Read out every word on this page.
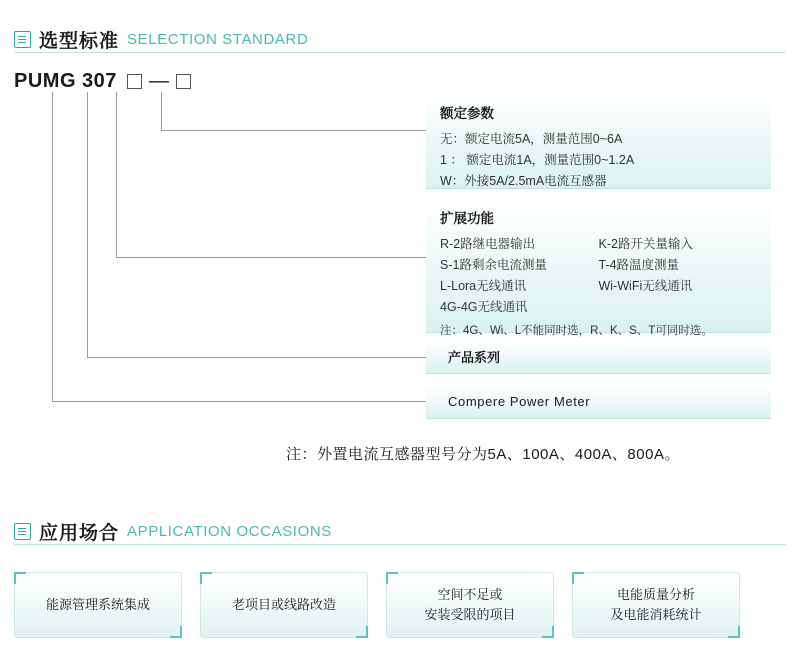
选型标准 SELECTION STANDARD
PUMG 307 —
额定参数
无：额定电流5A，测量范围0~6A
1 ： 额定电流1A，测量范围0~1.2A
W：外接5A/2.5mA电流互感器
扩展功能
R-2路继电器输出
S-1路剩余电流测量
L-Lora无线通讯
4G-4G无线通讯
K-2路开关量输入
T-4路温度测量
Wi-WiFi无线通讯
注：4G、Wi、L不能同时选，R、K、S、T可同时选。
产品系列
Compere Power Meter
注：外置电流互感器型号分为5A、100A、400A、800A。
应用场合 APPLICATION OCCASIONS
能源管理系统集成	老项目或线路改造
空间不足或
安装受限的项目
电能质量分析
及电能消耗统计
